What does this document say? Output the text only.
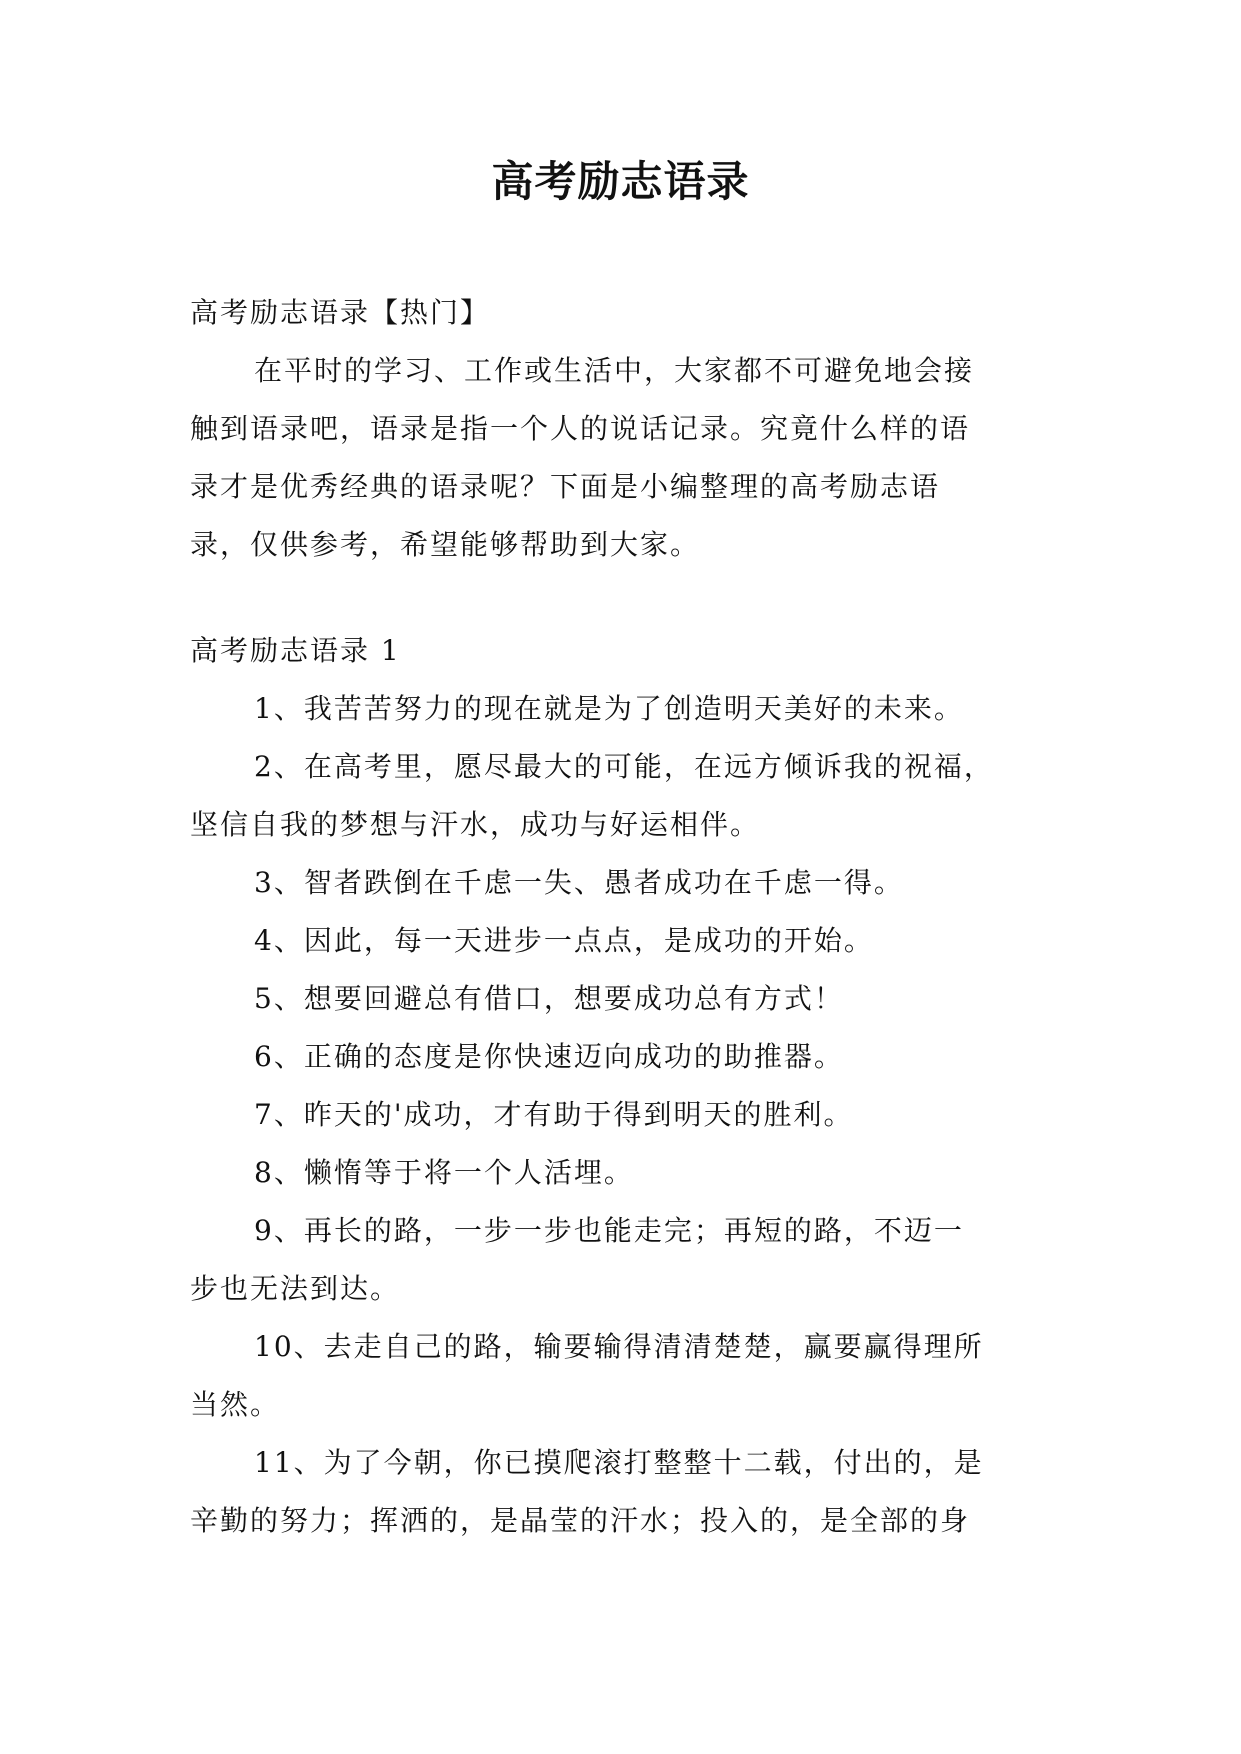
高考励志语录
高考励志语录【热门】
在平时的学习、工作或生活中，大家都不可避免地会接
触到语录吧，语录是指一个人的说话记录。究竟什么样的语
录才是优秀经典的语录呢？下面是小编整理的高考励志语
录，仅供参考，希望能够帮助到大家。
高考励志语录 1
1、我苦苦努力的现在就是为了创造明天美好的未来。
2、在高考里，愿尽最大的可能，在远方倾诉我的祝福，
坚信自我的梦想与汗水，成功与好运相伴。
3、智者跌倒在千虑一失、愚者成功在千虑一得。
4、因此，每一天进步一点点，是成功的开始。
5、想要回避总有借口，想要成功总有方式！
6、正确的态度是你快速迈向成功的助推器。
7、昨天的'成功，才有助于得到明天的胜利。
8、懒惰等于将一个人活埋。
9、再长的路，一步一步也能走完；再短的路，不迈一
步也无法到达。
10、去走自己的路，输要输得清清楚楚，赢要赢得理所
当然。
11、为了今朝，你已摸爬滚打整整十二载，付出的，是
辛勤的努力；挥洒的，是晶莹的汗水；投入的，是全部的身
